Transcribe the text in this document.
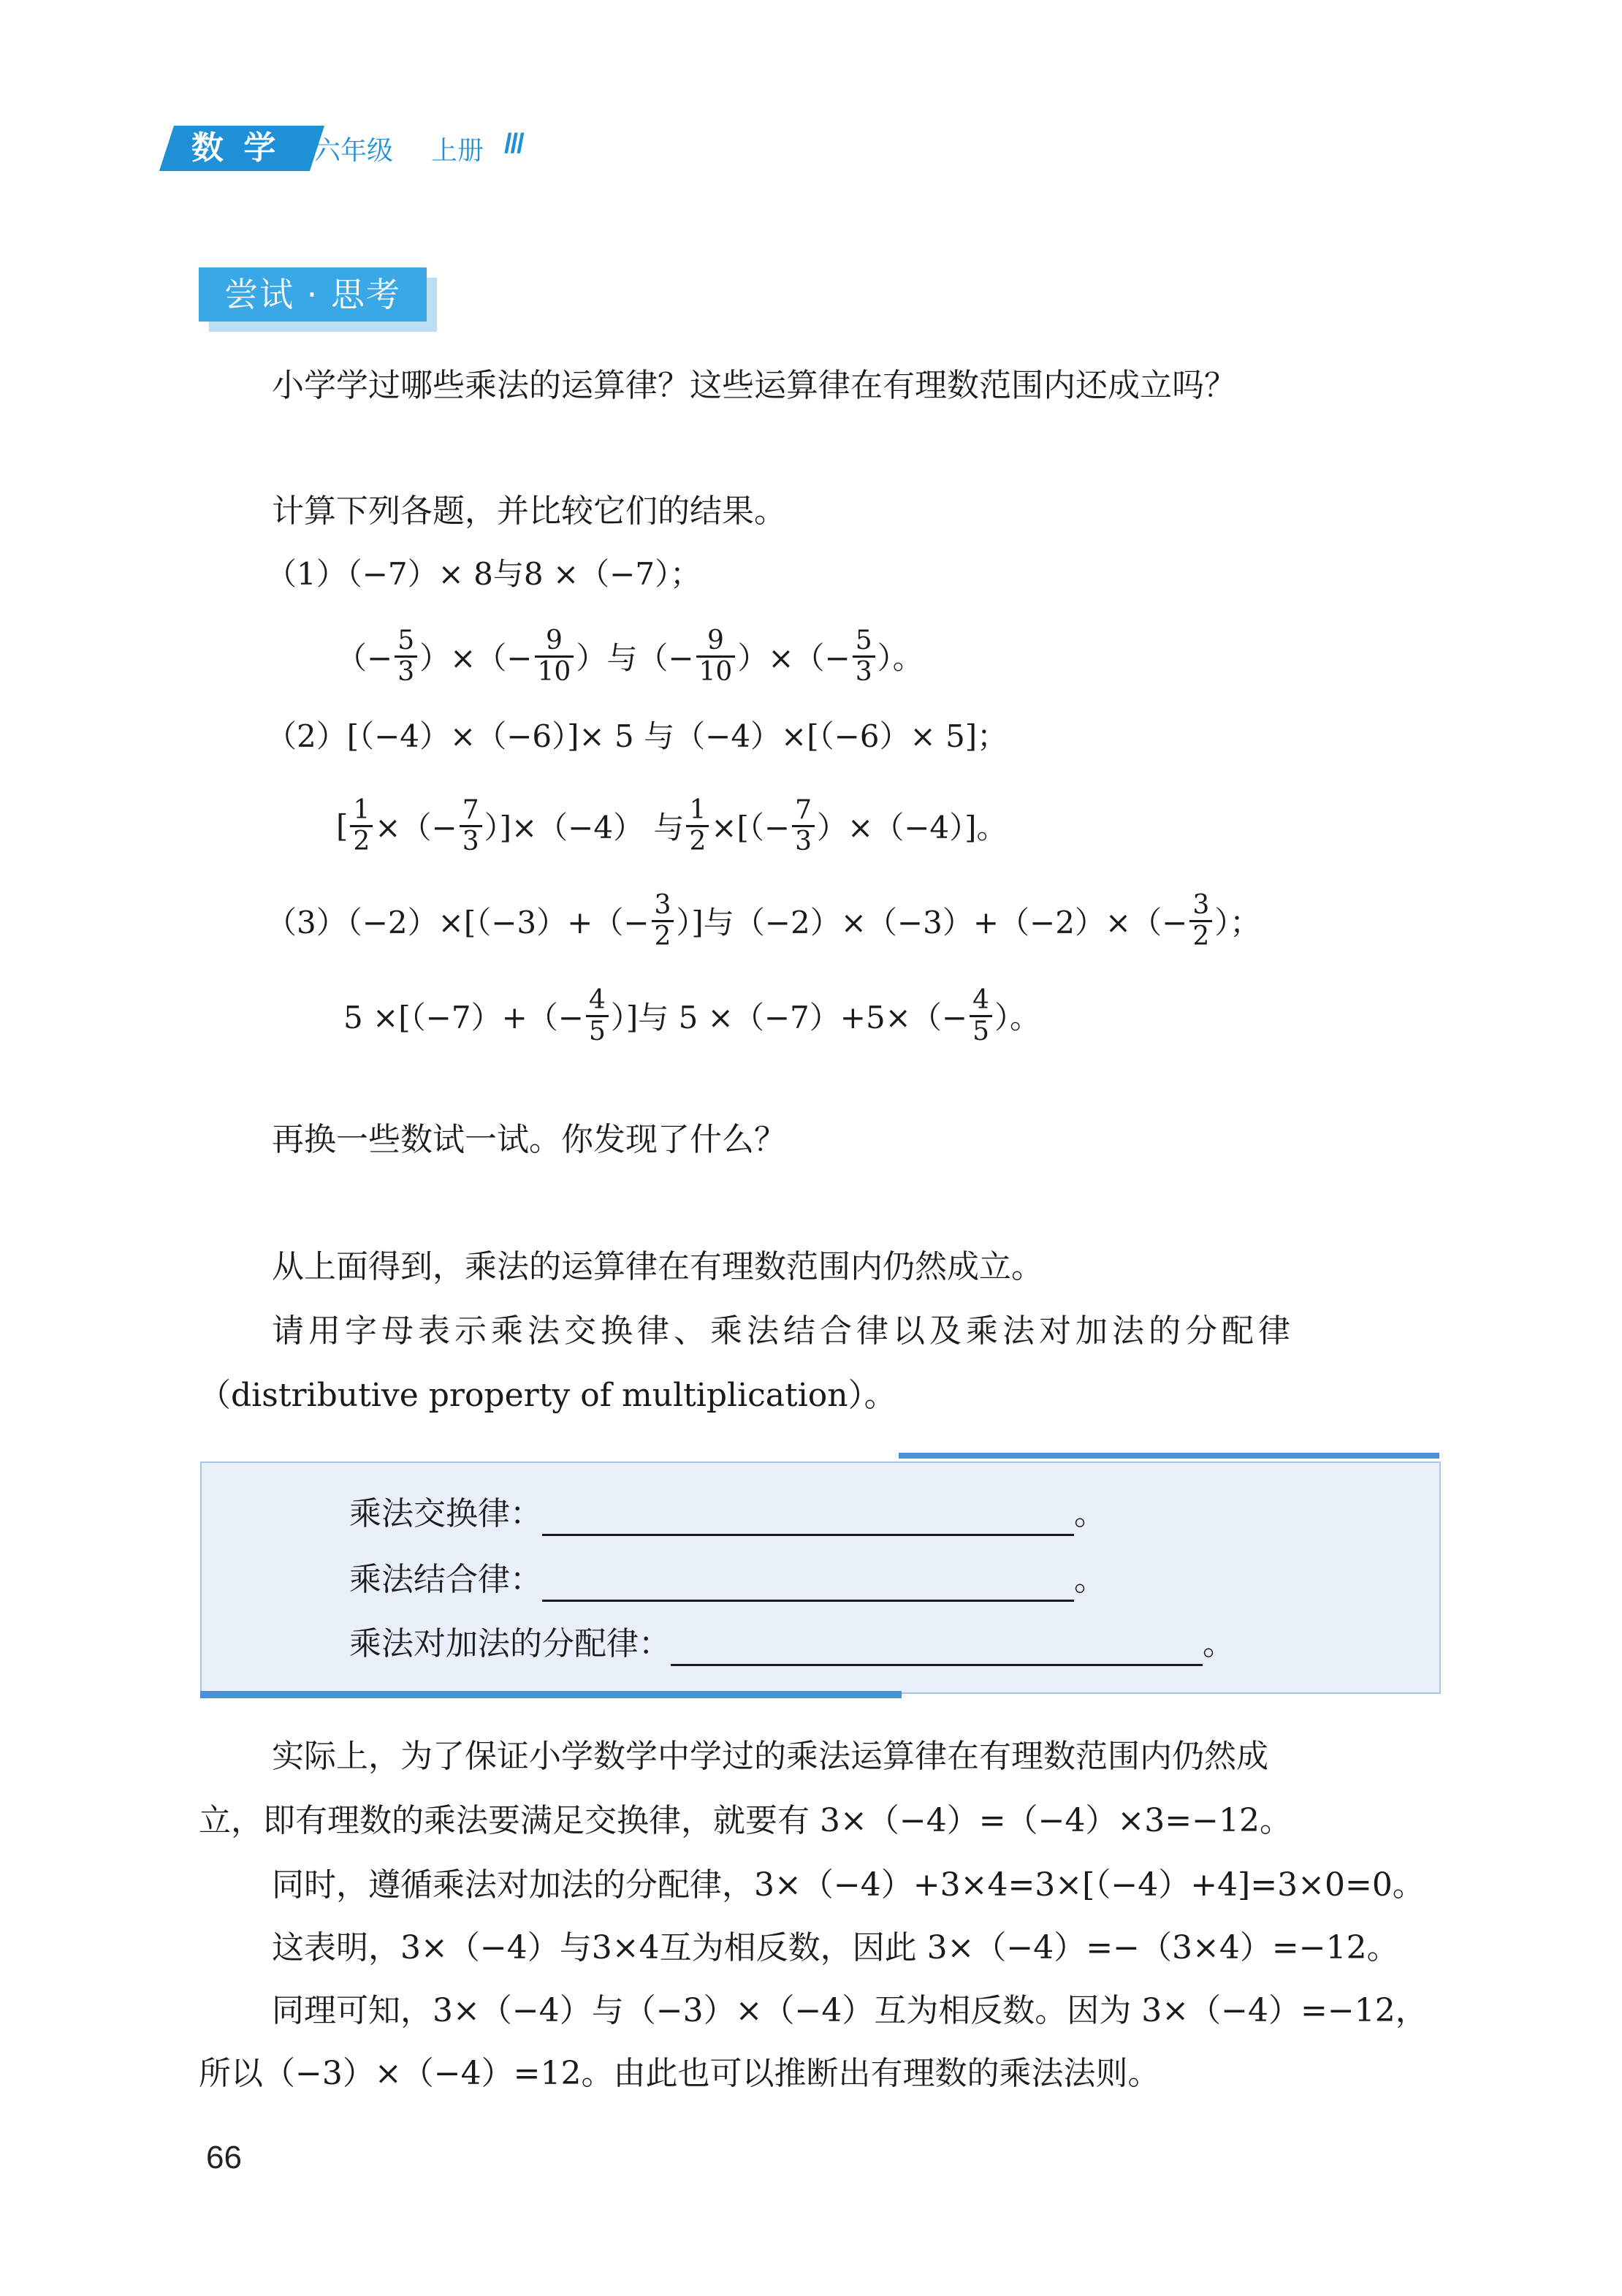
数 学 六年级 上册 ///
尝试 · 思考
小学学过哪些乘法的运算律？这些运算律在有理数范围内还成立吗？
计算下列各题，并比较它们的结果。
（1）（−7）× 8与8 ×（−7）；
（− $\frac{5}{3}$ ）×（− $\frac{9}{10}$ ）与（− $\frac{9}{10}$ ）×（− $\frac{5}{3}$ ）。
（2）[（−4）×（−6）]× 5 与（−4）×[（−6）× 5]；
[ $\frac{1}{2}$ ×（− $\frac{7}{3} )]\times(-4)$ 与 $\frac{1}{2}$ ×[（− $\frac{7}{3} )\times(-4)$]。
$(3)(-2)\times[(-3)+(- \frac{3}{2}$ ）]与$(-2)\times(-3)+(-2)\times(- \frac{3}{2}$ ）；
$5 \times[(-7)+(- \frac{4}{5}$ ）]与 $5 \times(-7)+5\times(- \frac{4}{5}$ ）。
再换一些数试一试。你发现了什么？
从上面得到，乘法的运算律在有理数范围内仍然成立。
请用字母表示乘法交换律、乘法结合律以及乘法对加法的分配律
（distributive property of multiplication）。
乘法交换律：	。
乘法结合律：	。
乘法对加法的分配律：	。
实际上，为了保证小学数学中学过的乘法运算律在有理数范围内仍然成
立，即有理数的乘法要满足交换律，就要有 3×（−4）=（−4）×3=−12。
同时，遵循乘法对加法的分配律，3×（−4）+3×4=3×[（−4）+4]=3×0=0。
这表明，3×（−4）与3×4互为相反数，因此 3×（−4）=−（3×4）=−12。
同理可知，3×（−4）与（−3）×（−4）互为相反数。因为 3×（−4）=−12，
所以（−3）×（−4）=12。由此也可以推断出有理数的乘法法则。
66
